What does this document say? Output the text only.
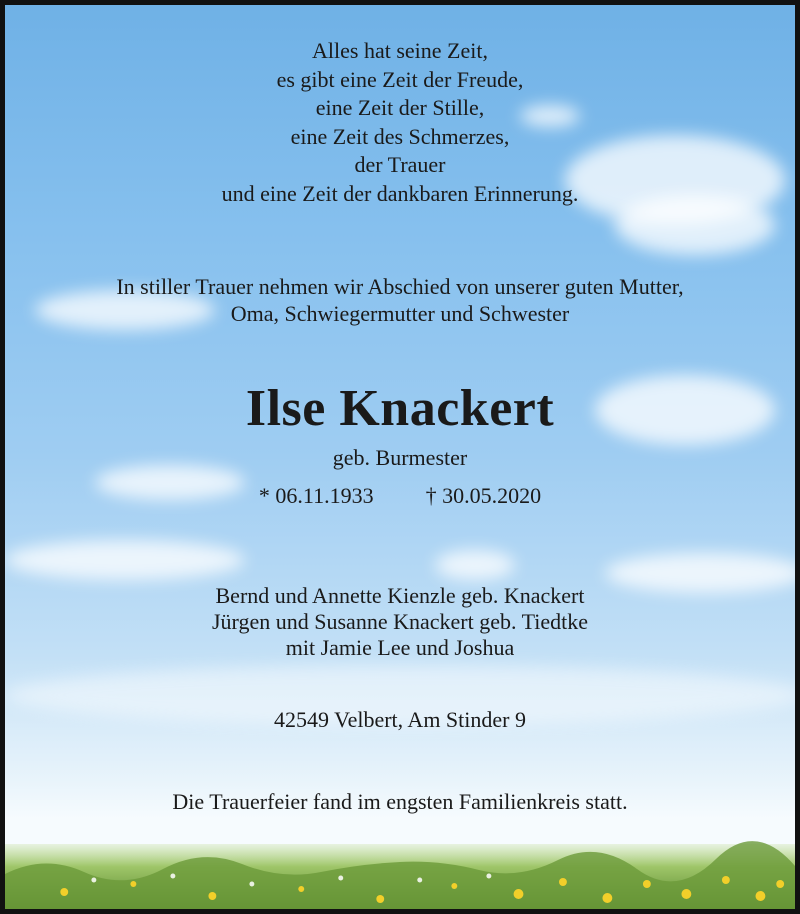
Alles hat seine Zeit,
es gibt eine Zeit der Freude,
eine Zeit der Stille,
eine Zeit des Schmerzes,
der Trauer
und eine Zeit der dankbaren Erinnerung.
In stiller Trauer nehmen wir Abschied von unserer guten Mutter,
Oma, Schwiegermutter und Schwester
Ilse Knackert
geb. Burmester
* 06.11.1933 † 30.05.2020
Bernd und Annette Kienzle geb. Knackert
Jürgen und Susanne Knackert geb. Tiedtke
mit Jamie Lee und Joshua
42549 Velbert, Am Stinder 9
Die Trauerfeier fand im engsten Familienkreis statt.
